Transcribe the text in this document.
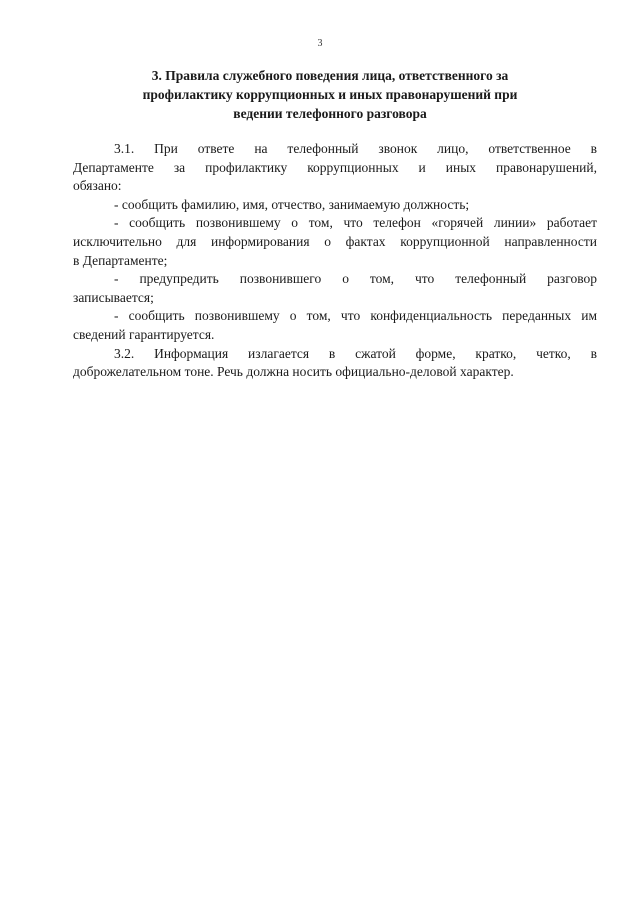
3
3. Правила служебного поведения лица, ответственного за
профилактику коррупционных и иных правонарушений при
ведении телефонного разговора
3.1. При ответе на телефонный звонок лицо, ответственное в
Департаменте за профилактику коррупционных и иных правонарушений,
обязано:
- сообщить фамилию, имя, отчество, занимаемую должность;
- сообщить позвонившему о том, что телефон «горячей линии» работает
исключительно для информирования о фактах коррупционной направленности
в Департаменте;
- предупредить позвонившего о том, что телефонный разговор
записывается;
- сообщить позвонившему о том, что конфиденциальность переданных им
сведений гарантируется.
3.2. Информация излагается в сжатой форме, кратко, четко, в
доброжелательном тоне. Речь должна носить официально-деловой характер.
